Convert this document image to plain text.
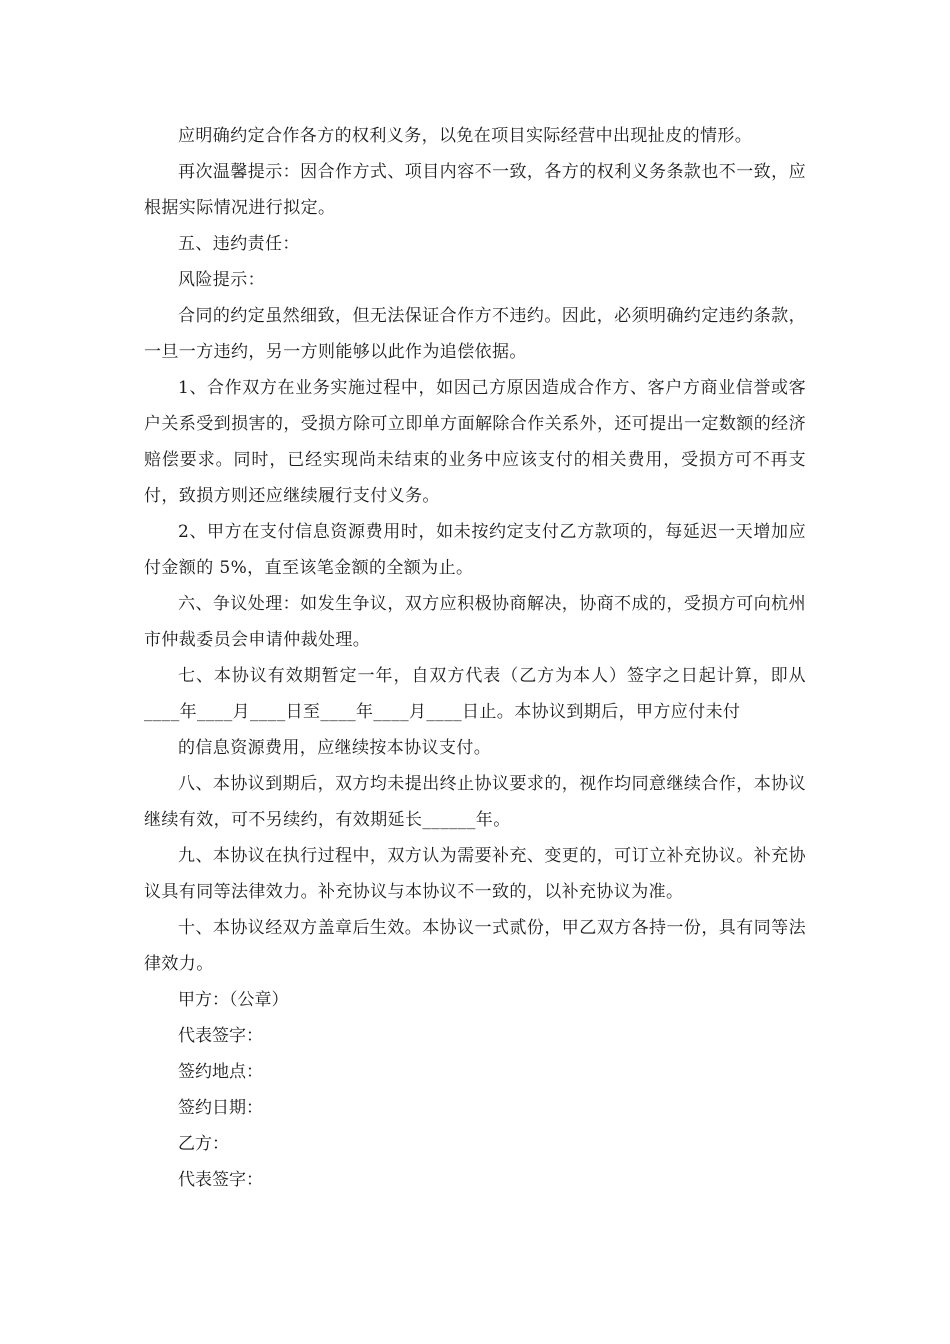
应明确约定合作各方的权利义务，以免在项目实际经营中出现扯皮的情形。

再次温馨提示：因合作方式、项目内容不一致，各方的权利义务条款也不一致，应根据实际情况进行拟定。

五、违约责任：

风险提示：

合同的约定虽然细致，但无法保证合作方不违约。因此，必须明确约定违约条款，一旦一方违约，另一方则能够以此作为追偿依据。

1、合作双方在业务实施过程中，如因己方原因造成合作方、客户方商业信誉或客户关系受到损害的，受损方除可立即单方面解除合作关系外，还可提出一定数额的经济赔偿要求。同时，已经实现尚未结束的业务中应该支付的相关费用，受损方可不再支付，致损方则还应继续履行支付义务。

2、甲方在支付信息资源费用时，如未按约定支付乙方款项的，每延迟一天增加应付金额的 5%，直至该笔金额的全额为止。

六、争议处理：如发生争议，双方应积极协商解决，协商不成的，受损方可向杭州市仲裁委员会申请仲裁处理。

七、本协议有效期暂定一年，自双方代表（乙方为本人）签字之日起计算，即从____年____月____日至____年____月____日止。本协议到期后，甲方应付未付

的信息资源费用，应继续按本协议支付。

八、本协议到期后，双方均未提出终止协议要求的，视作均同意继续合作，本协议继续有效，可不另续约，有效期延长______年。

九、本协议在执行过程中，双方认为需要补充、变更的，可订立补充协议。补充协议具有同等法律效力。补充协议与本协议不一致的，以补充协议为准。

十、本协议经双方盖章后生效。本协议一式贰份，甲乙双方各持一份，具有同等法律效力。

甲方：（公章）

代表签字：

签约地点：

签约日期：

乙方：

代表签字：
